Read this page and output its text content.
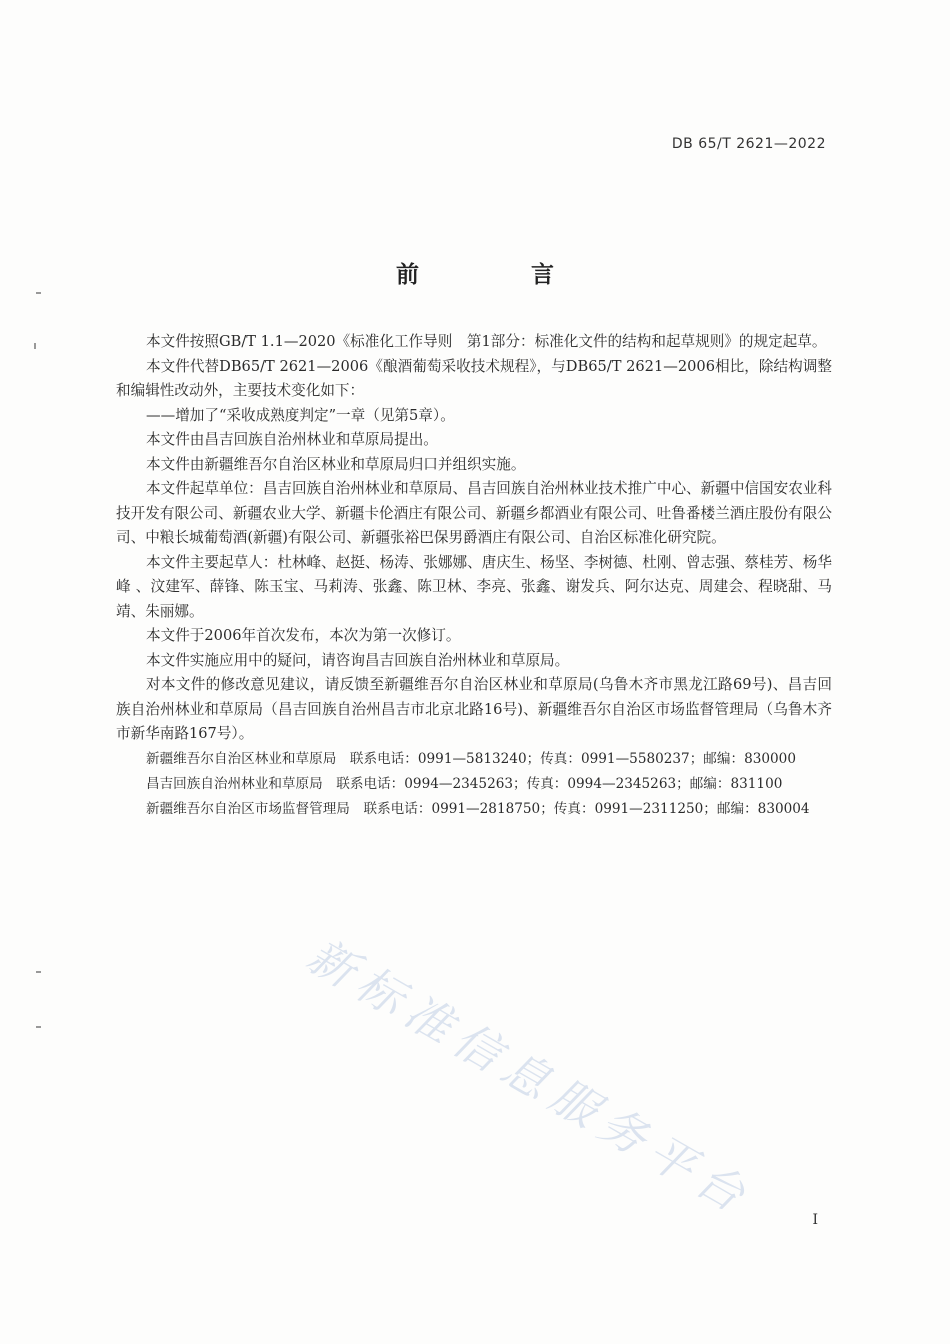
DB 65/T 2621—2022
前 言

本文件按照GB/T 1.1—2020《标准化工作导则　第1部分：标准化文件的结构和起草规则》的规定起草。

本文件代替DB65/T 2621—2006《酿酒葡萄采收技术规程》，与DB65/T 2621—2006相比，除结构调整和编辑性改动外，主要技术变化如下：

——增加了“采收成熟度判定”一章（见第5章）。

本文件由昌吉回族自治州林业和草原局提出。

本文件由新疆维吾尔自治区林业和草原局归口并组织实施。

本文件起草单位：昌吉回族自治州林业和草原局、昌吉回族自治州林业技术推广中心、新疆中信国安农业科技开发有限公司、新疆农业大学、新疆卡伦酒庄有限公司、新疆乡都酒业有限公司、吐鲁番楼兰酒庄股份有限公司、中粮长城葡萄酒(新疆)有限公司、新疆张裕巴保男爵酒庄有限公司、自治区标准化研究院。

本文件主要起草人：杜林峰、赵挺、杨涛、张娜娜、唐庆生、杨坚、李树德、杜刚、曾志强、蔡桂芳、杨华峰 、汶建军、薛锋、陈玉宝、马莉涛、张鑫、陈卫林、李亮、张鑫、谢发兵、阿尔达克、周建会、程晓甜、马靖、朱丽娜。

本文件于2006年首次发布，本次为第一次修订。

本文件实施应用中的疑问，请咨询昌吉回族自治州林业和草原局。

对本文件的修改意见建议，请反馈至新疆维吾尔自治区林业和草原局(乌鲁木齐市黑龙江路69号)、昌吉回族自治州林业和草原局（昌吉回族自治州昌吉市北京北路16号)、新疆维吾尔自治区市场监督管理局（乌鲁木齐市新华南路167号）。

新疆维吾尔自治区林业和草原局　联系电话：0991—5813240；传真：0991—5580237；邮编：830000

昌吉回族自治州林业和草原局　联系电话：0994—2345263；传真：0994—2345263；邮编：831100

新疆维吾尔自治区市场监督管理局　联系电话：0991—2818750；传真：0991—2311250；邮编：830004

新标准信息服务平台	I
